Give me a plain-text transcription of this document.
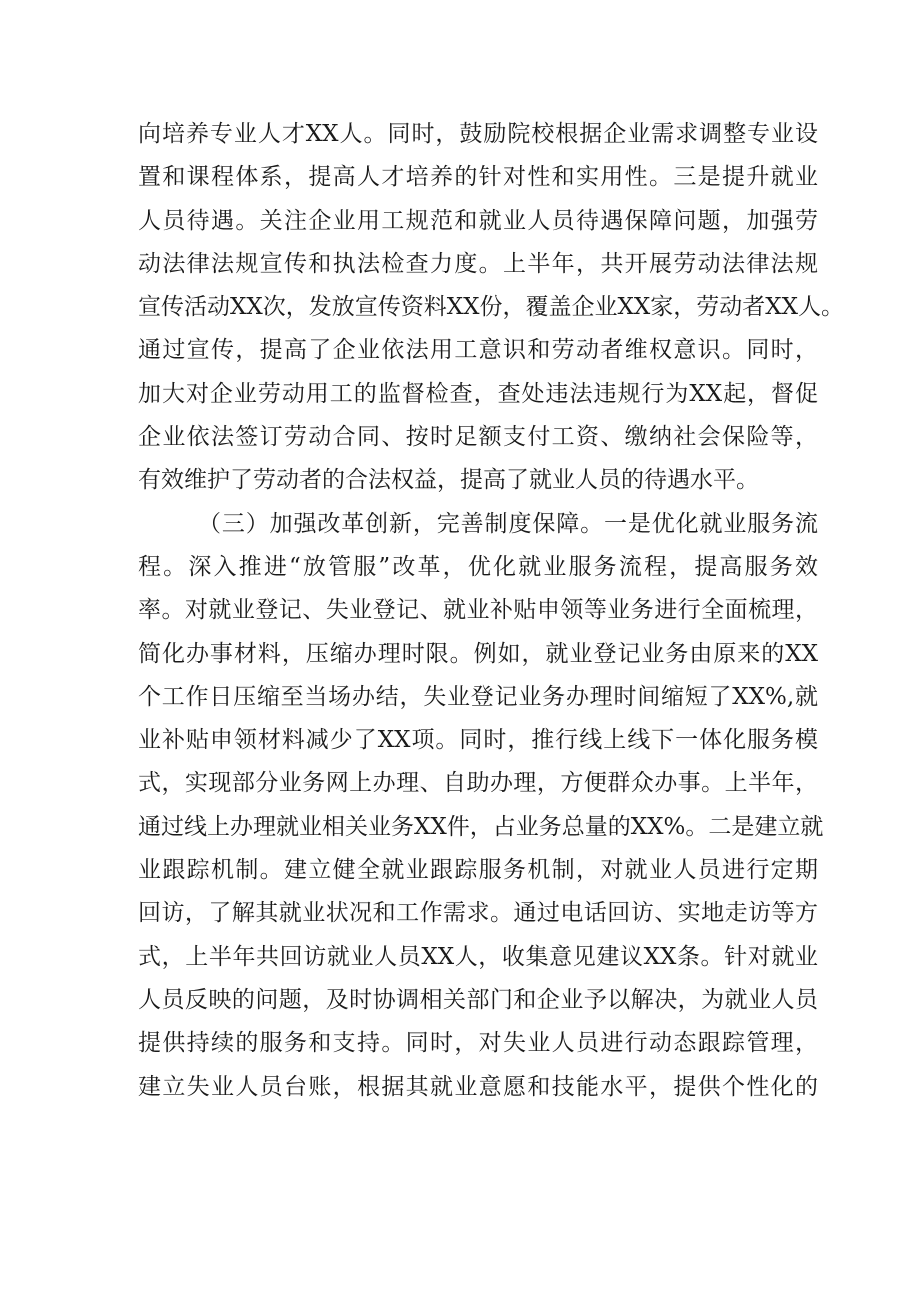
向培养专业人才XX人。同时，鼓励院校根据企业需求调整专业设
置和课程体系，提高人才培养的针对性和实用性。三是提升就业
人员待遇。关注企业用工规范和就业人员待遇保障问题，加强劳
动法律法规宣传和执法检查力度。上半年，共开展劳动法律法规
宣传活动XX次，发放宣传资料XX份，覆盖企业XX家，劳动者XX人。
通过宣传，提高了企业依法用工意识和劳动者维权意识。同时，
加大对企业劳动用工的监督检查，查处违法违规行为XX起，督促
企业依法签订劳动合同、按时足额支付工资、缴纳社会保险等，
有效维护了劳动者的合法权益，提高了就业人员的待遇水平。
（三）加强改革创新，完善制度保障。一是优化就业服务流
程。深入推进“放管服”改革，优化就业服务流程，提高服务效
率。对就业登记、失业登记、就业补贴申领等业务进行全面梳理，
简化办事材料，压缩办理时限。例如，就业登记业务由原来的XX
个工作日压缩至当场办结，失业登记业务办理时间缩短了XX%,就
业补贴申领材料减少了XX项。同时，推行线上线下一体化服务模
式，实现部分业务网上办理、自助办理，方便群众办事。上半年，
通过线上办理就业相关业务XX件，占业务总量的XX%。二是建立就
业跟踪机制。建立健全就业跟踪服务机制，对就业人员进行定期
回访，了解其就业状况和工作需求。通过电话回访、实地走访等方
式，上半年共回访就业人员XX人，收集意见建议XX条。针对就业
人员反映的问题，及时协调相关部门和企业予以解决，为就业人员
提供持续的服务和支持。同时，对失业人员进行动态跟踪管理，
建立失业人员台账，根据其就业意愿和技能水平，提供个性化的
